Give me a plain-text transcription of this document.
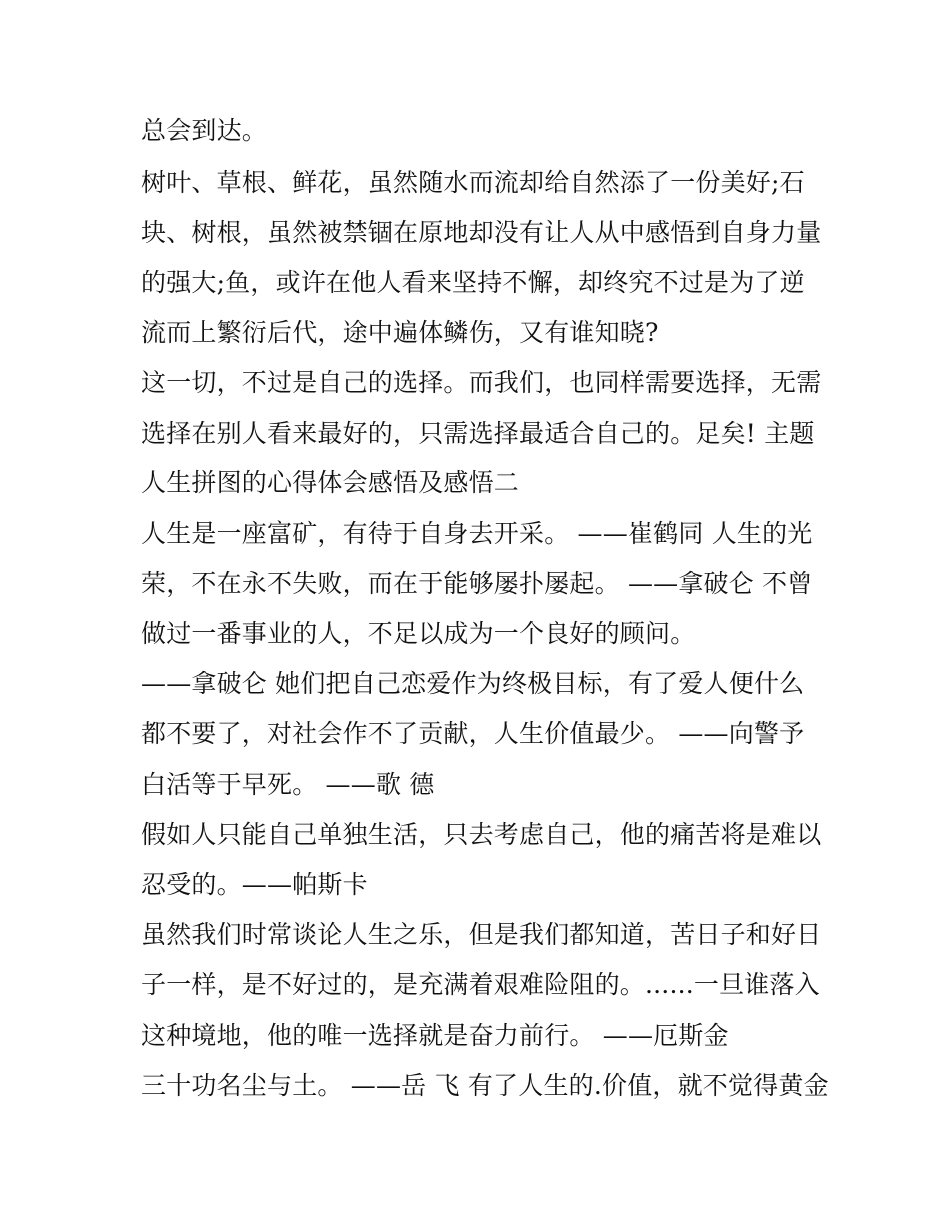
总会到达。
树叶、草根、鲜花，虽然随水而流却给自然添了一份美好;石
块、树根，虽然被禁锢在原地却没有让人从中感悟到自身力量
的强大;鱼，或许在他人看来坚持不懈，却终究不过是为了逆
流而上繁衍后代，途中遍体鳞伤，又有谁知晓?
这一切，不过是自己的选择。而我们，也同样需要选择，无需
选择在别人看来最好的，只需选择最适合自己的。足矣! 主题
人生拼图的心得体会感悟及感悟二
人生是一座富矿，有待于自身去开采。 ——崔鹤同 人生的光
荣，不在永不失败，而在于能够屡扑屡起。 ——拿破仑 不曾
做过一番事业的人，不足以成为一个良好的顾问。
——拿破仑 她们把自己恋爱作为终极目标，有了爱人便什么
都不要了，对社会作不了贡献，人生价值最少。 ——向警予
白活等于早死。 ——歌 德
假如人只能自己单独生活，只去考虑自己，他的痛苦将是难以
忍受的。——帕斯卡
虽然我们时常谈论人生之乐，但是我们都知道，苦日子和好日
子一样，是不好过的，是充满着艰难险阻的。......一旦谁落入
这种境地，他的唯一选择就是奋力前行。 ——厄斯金
三十功名尘与土。 ——岳 飞 有了人生的.价值，就不觉得黄金
